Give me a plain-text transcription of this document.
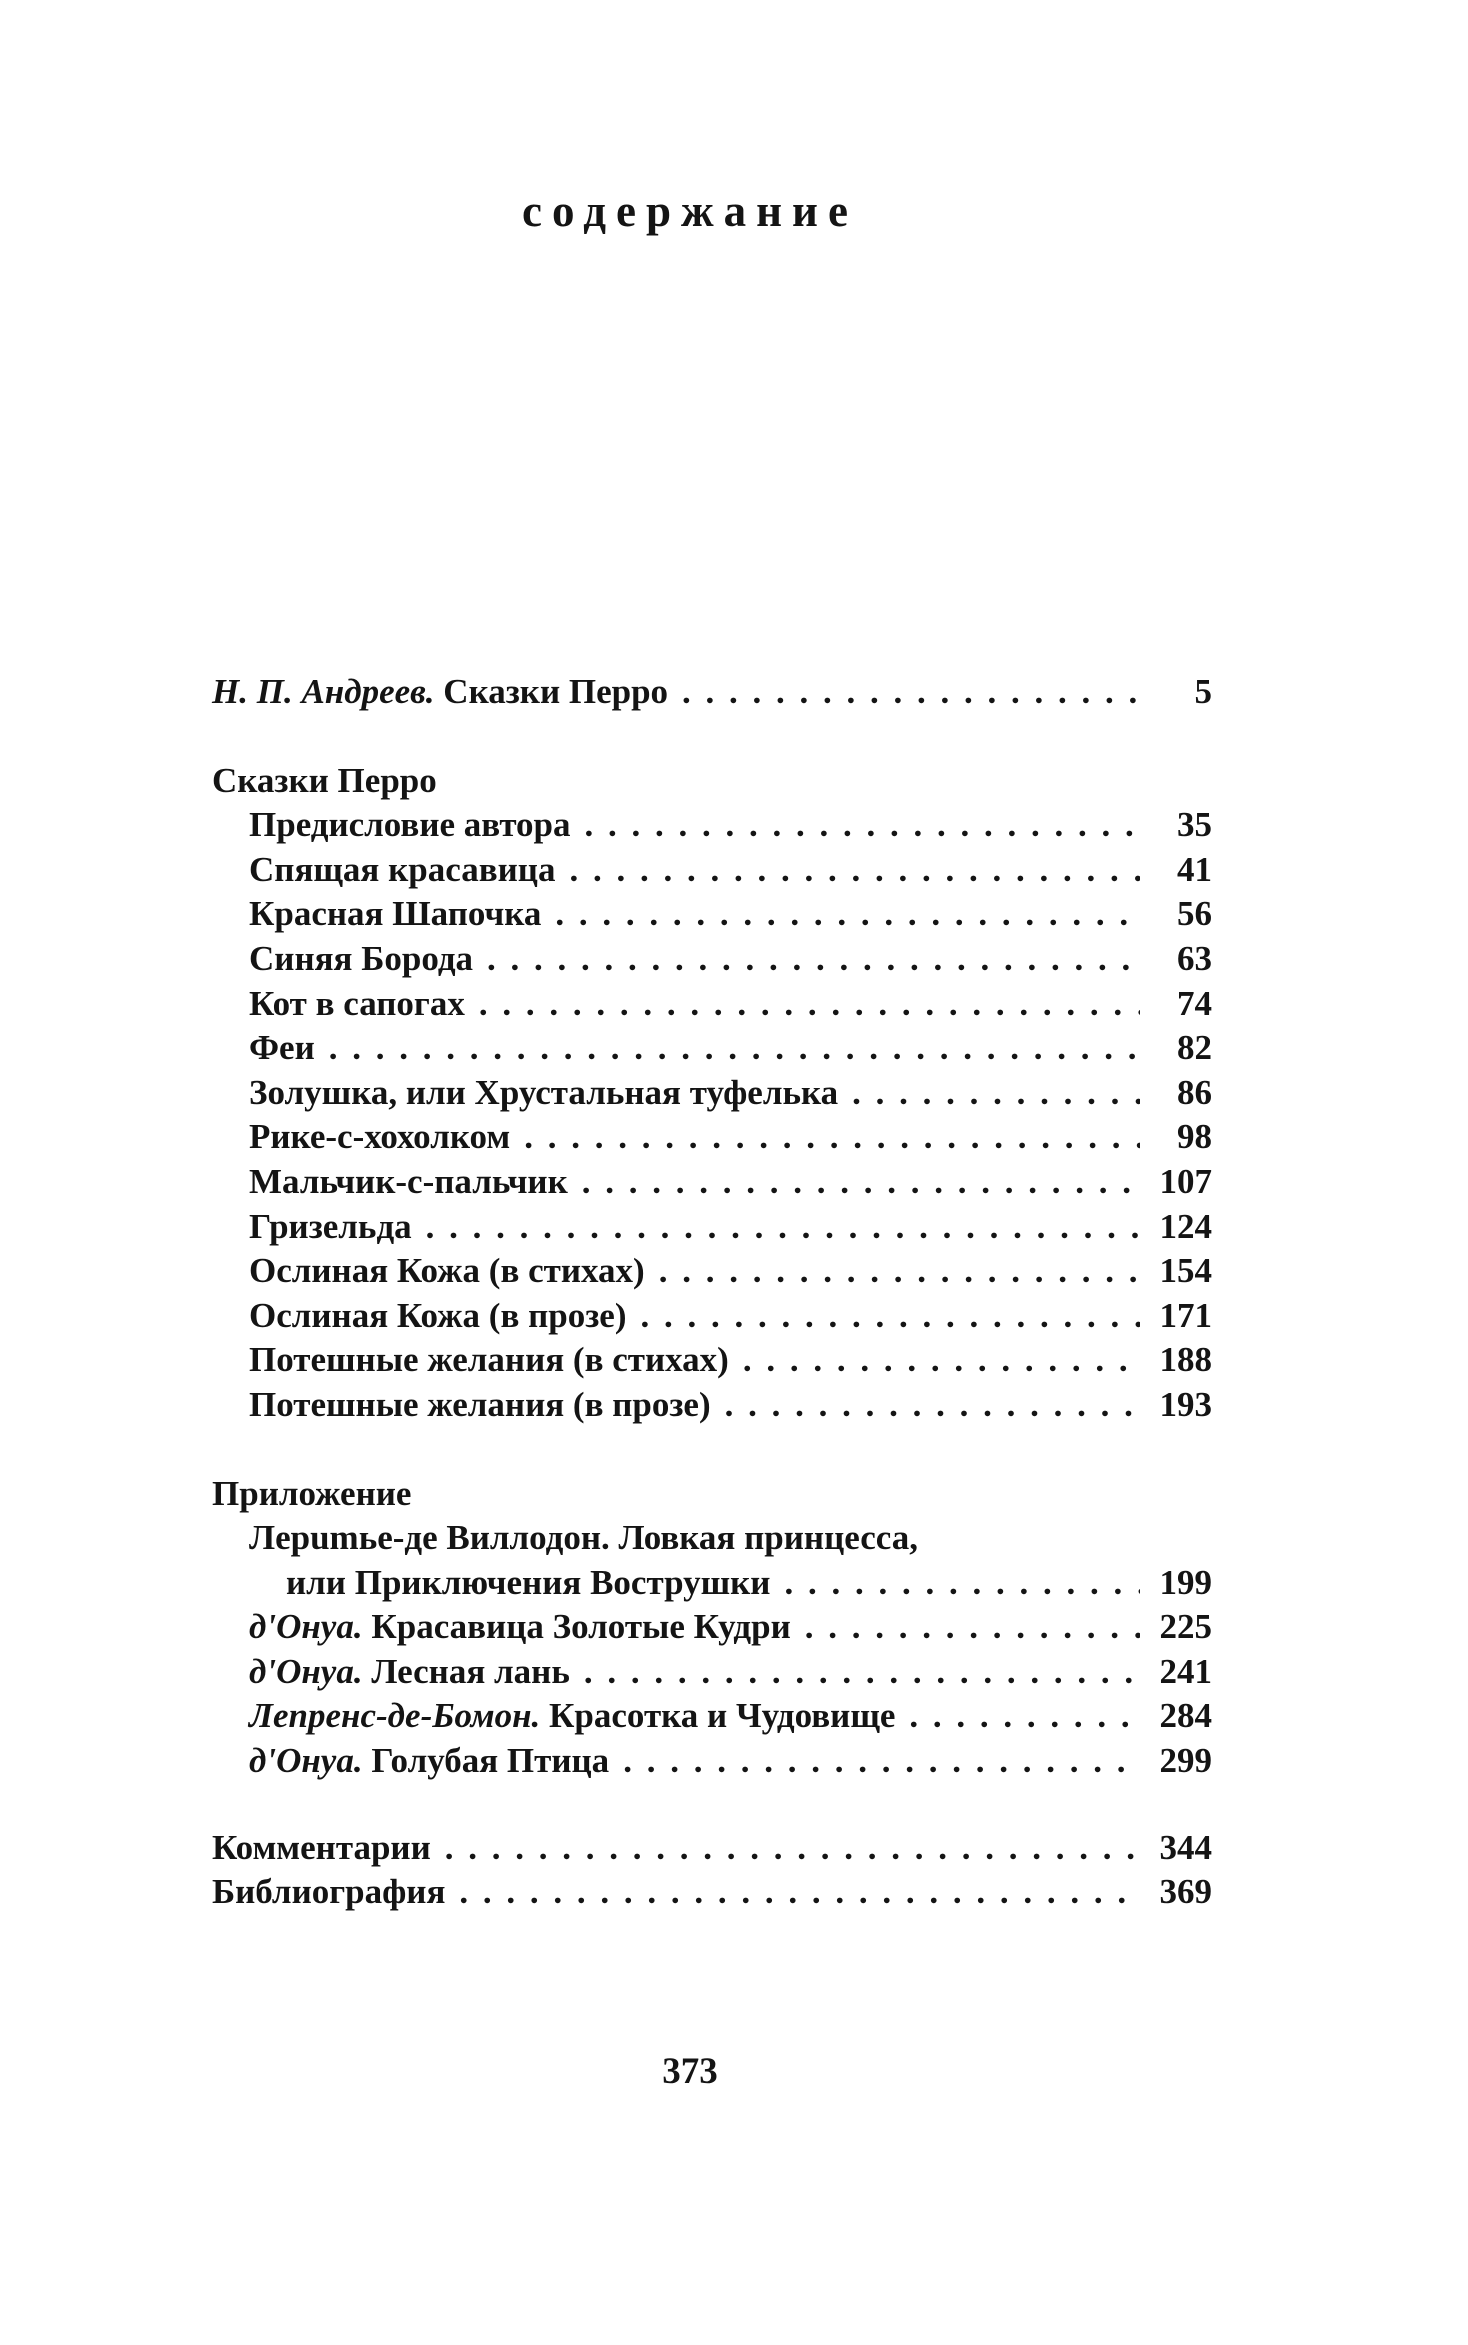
содержание
Н. П. Андреев. Сказки Перро . . .	5
Сказки Перро
Предисловие автора . . .	35
Спящая красавица . . .	41
Красная Шапочка . . .	56
Синяя Борода . . .	63
Кот в сапогах . . .	74
Феи . . .	82
Золушка, или Хрустальная туфелька . . .	86
Рике-с-хохолком . . .	98
Мальчик-с-пальчик . . .	107
Гризельда . . .	124
Ослиная Кожа (в стихах) . . .	154
Ослиная Кожа (в прозе) . . .	171
Потешные желания (в стихах) . . .	188
Потешные желания (в прозе) . . .	193
Приложение
Лepumьe-де Виллодон. Ловкая принцесса,
или Приключения Вострушки . . .	199
д'Онуа. Красавица Золотые Кудри . . .	225
д'Онуа. Лесная лань . . .	241
Лепренс-де-Бомон. Красотка и Чудовище . . .	284
д'Онуа. Голубая Птица . . .	299
Комментарии . . .	344
Библиография . . .	369
373
